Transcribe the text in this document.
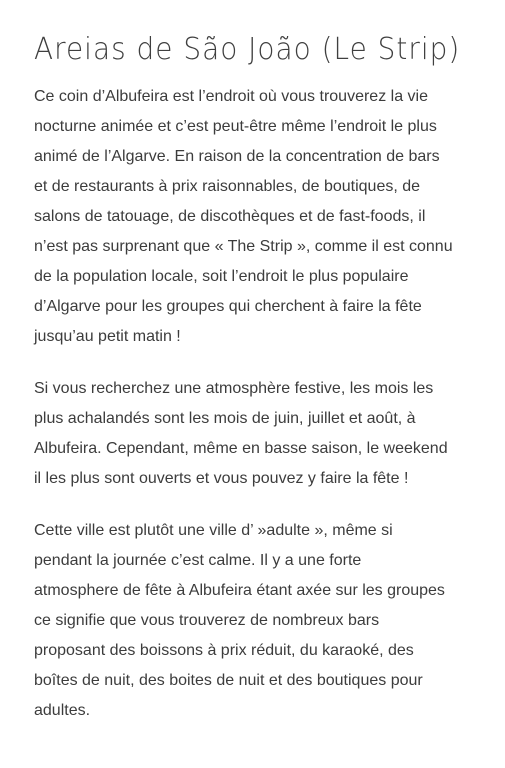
Areias de São João (Le Strip)

Ce coin d’Albufeira est l’endroit où vous trouverez la vie
nocturne animée et c’est peut-être même l’endroit le plus
animé de l’Algarve. En raison de la concentration de bars
et de restaurants à prix raisonnables, de boutiques, de
salons de tatouage, de discothèques et de fast-foods, il
n’est pas surprenant que « The Strip », comme il est connu
de la population locale, soit l’endroit le plus populaire
d’Algarve pour les groupes qui cherchent à faire la fête
jusqu’au petit matin !

Si vous recherchez une atmosphère festive, les mois les
plus achalandés sont les mois de juin, juillet et août, à
Albufeira. Cependant, même en basse saison, le weekend
il les plus sont ouverts et vous pouvez y faire la fête !

Cette ville est plutôt une ville d’ »adulte », même si
pendant la journée c’est calme. Il y a une forte
atmosphere de fête à Albufeira étant axée sur les groupes
ce signifie que vous trouverez de nombreux bars
proposant des boissons à prix réduit, du karaoké, des
boîtes de nuit, des boites de nuit et des boutiques pour
adultes.
